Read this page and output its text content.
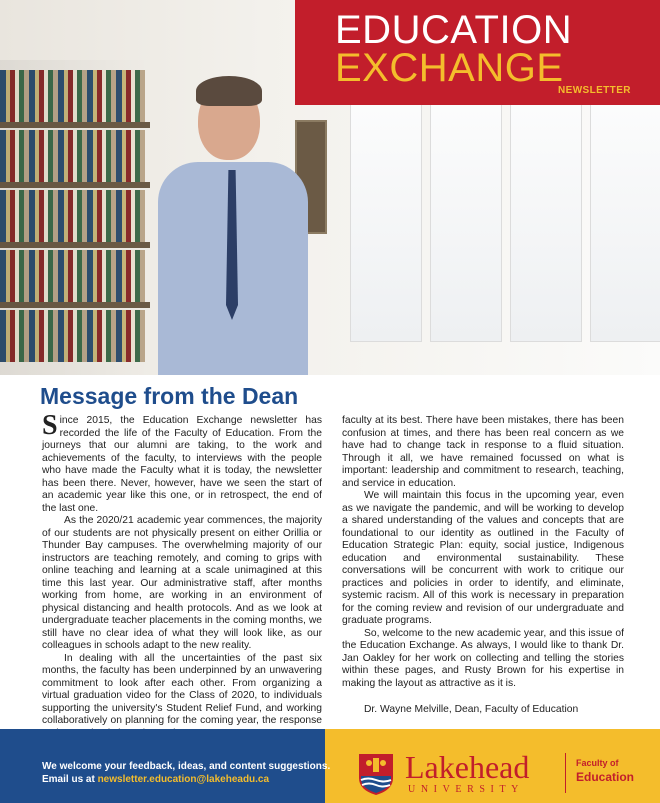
EDUCATION
EXCHANGE
NEWSLETTER
Message from the Dean

Since 2015, the Education Exchange newsletter has recorded the life of the Faculty of Education. From the journeys that our alumni are taking, to the work and achievements of the faculty, to interviews with the people who have made the Faculty what it is today, the newsletter has been there. Never, however, have we seen the start of an academic year like this one, or in retrospect, the end of the last one.

As the 2020/21 academic year commences, the majority of our students are not physically present on either Orillia or Thunder Bay campuses. The overwhelming majority of our instructors are teaching remotely, and coming to grips with online teaching and learning at a scale unimagined at this time this last year. Our administrative staff, after months working from home, are working in an environment of physical distancing and health protocols. And as we look at undergraduate teacher placements in the coming months, we still have no clear idea of what they will look like, as our colleagues in schools adapt to the new reality.

In dealing with all the uncertainties of the past six months, the faculty has been underpinned by an unwavering commitment to look after each other. From organizing a virtual graduation video for the Class of 2020, to individuals supporting the university's Student Relief Fund, and working collaboratively on planning for the coming year, the response

faculty at its best. There have been mistakes, there has been confusion at times, and there has been real concern as we have had to change tack in response to a fluid situation. Through it all, we have remained focussed on what is important: leadership and commitment to research, teaching, and service in education.

We will maintain this focus in the upcoming year, even as we navigate the pandemic, and will be working to develop a shared understanding of the values and concepts that are foundational to our identity as outlined in the Faculty of Education Strategic Plan: equity, social justice, Indigenous education and environmental sustainability. These conversations will be concurrent with work to critique our practices and policies in order to identify, and eliminate, systemic racism. All of this work is necessary in preparation for the coming review and revision of our undergraduate and graduate programs.

So, welcome to the new academic year, and this issue of the Education Exchange. As always, I would like to thank Dr. Jan Oakley for her work on collecting and telling the stories within these pages, and Rusty Brown for his expertise in making the layout as attractive as it is.

Dr. Wayne Melville, Dean, Faculty of Education

We welcome your feedback, ideas, and content suggestions.
Email us at newsletter.education@lakeheadu.ca	Lakehead
UNIVERSITY
Faculty of
Education
